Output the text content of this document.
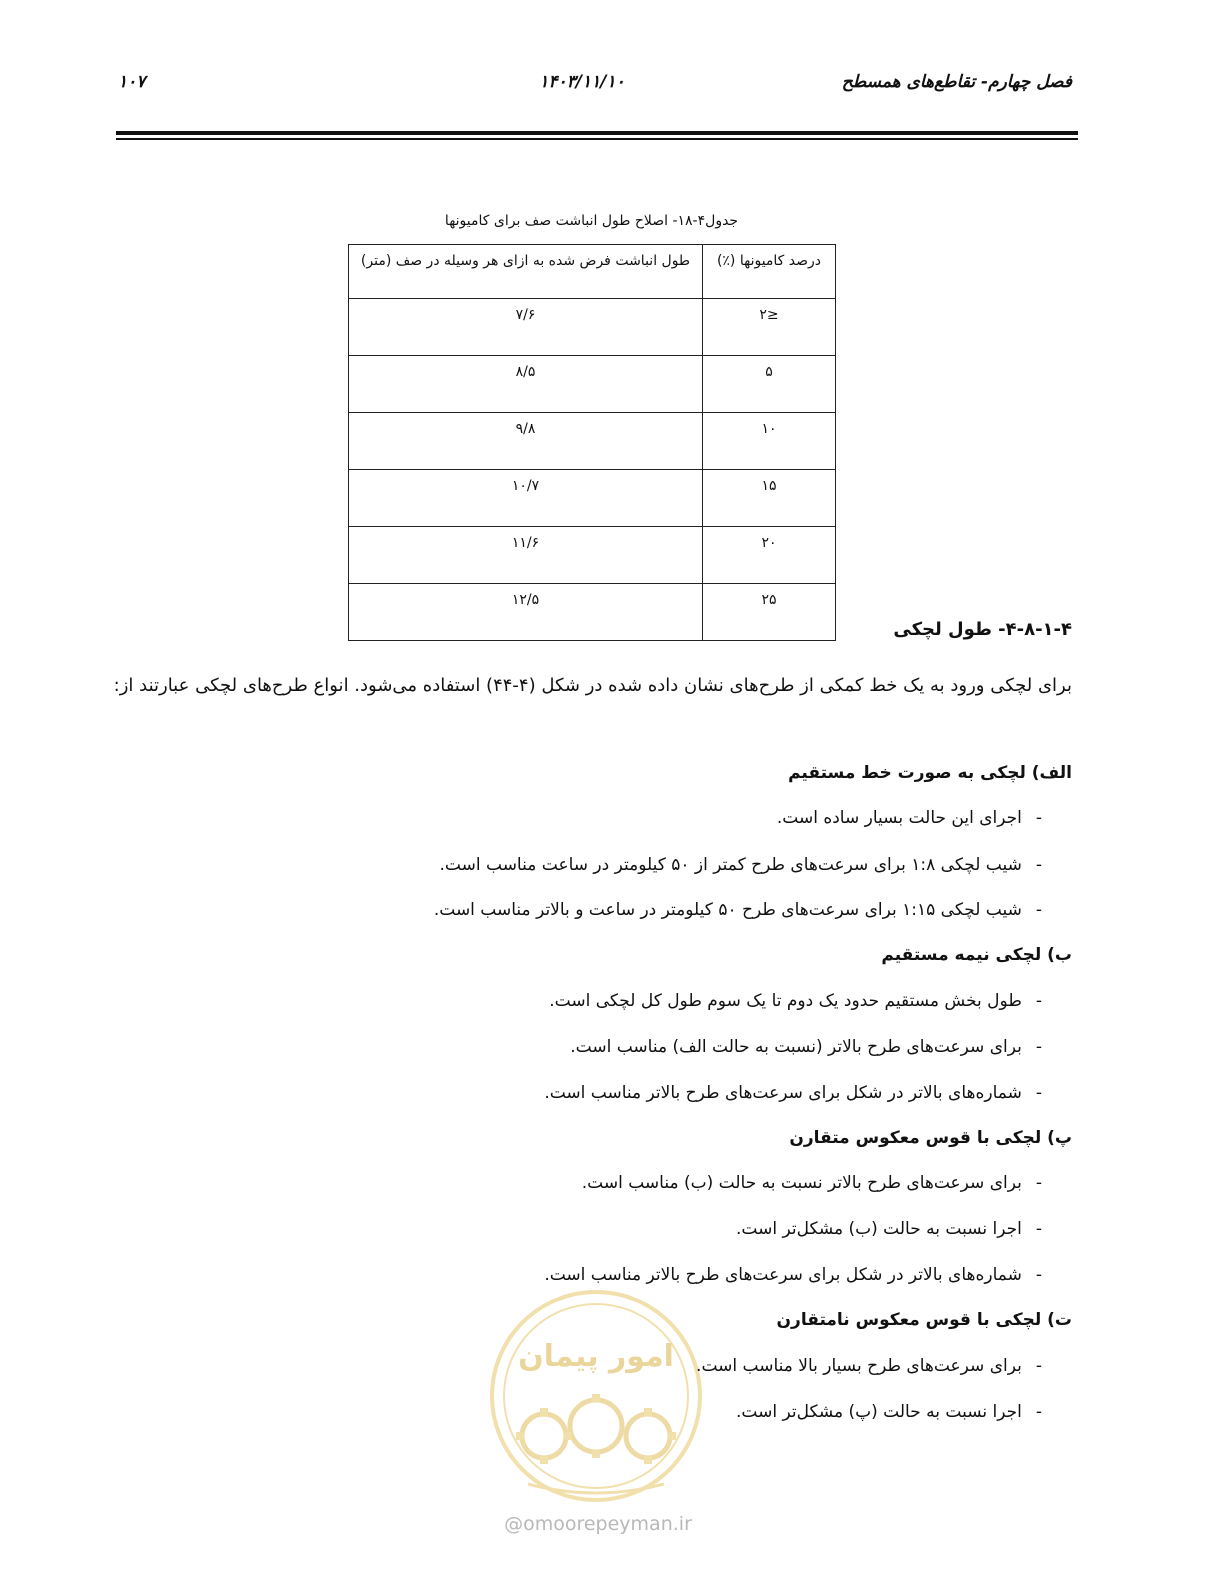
فصل چهارم- تقاطع‌های همسطح
۱۴۰۳/۱۱/۱۰
۱۰۷
جدول۴-۱۸- اصلاح طول انباشت صف برای کامیونها
درصد کامیونها (٪)	طول انباشت فرض شده به ازای هر وسیله در صف (متر)
≤۲	۷/۶
۵	۸/۵
۱۰	۹/۸
۱۵	۱۰/۷
۲۰	۱۱/۶
۲۵	۱۲/۵
۴-۸-۱-۴- طول لچکی
برای لچکی ورود به یک خط کمکی از طرح‌های نشان داده شده در شکل (۴-۴۴) استفاده می‌شود. انواع طرح‌های لچکی عبارتند از:
الف) لچکی به صورت خط مستقیم
-اجرای این حالت بسیار ساده است.
-شیب لچکی ۱:۸ برای سرعت‌های طرح کمتر از ۵۰ کیلومتر در ساعت مناسب است.
-شیب لچکی ۱:۱۵ برای سرعت‌های طرح ۵۰ کیلومتر در ساعت و بالاتر مناسب است.
ب) لچکی نیمه مستقیم
-طول بخش مستقیم حدود یک دوم تا یک سوم طول کل لچکی است.
-برای سرعت‌های طرح بالاتر (نسبت به حالت الف) مناسب است.
-شماره‌های بالاتر در شکل برای سرعت‌های طرح بالاتر مناسب است.
پ) لچکی با قوس معکوس متقارن
-برای سرعت‌های طرح بالاتر نسبت به حالت (ب) مناسب است.
-اجرا نسبت به حالت (ب) مشکل‌تر است.
-شماره‌های بالاتر در شکل برای سرعت‌های طرح بالاتر مناسب است.
امور پیمان
ت) لچکی با قوس معکوس نامتقارن
-برای سرعت‌های طرح بسیار بالا مناسب است.
-اجرا نسبت به حالت (پ) مشکل‌تر است.
@omoorepeyman.ir
